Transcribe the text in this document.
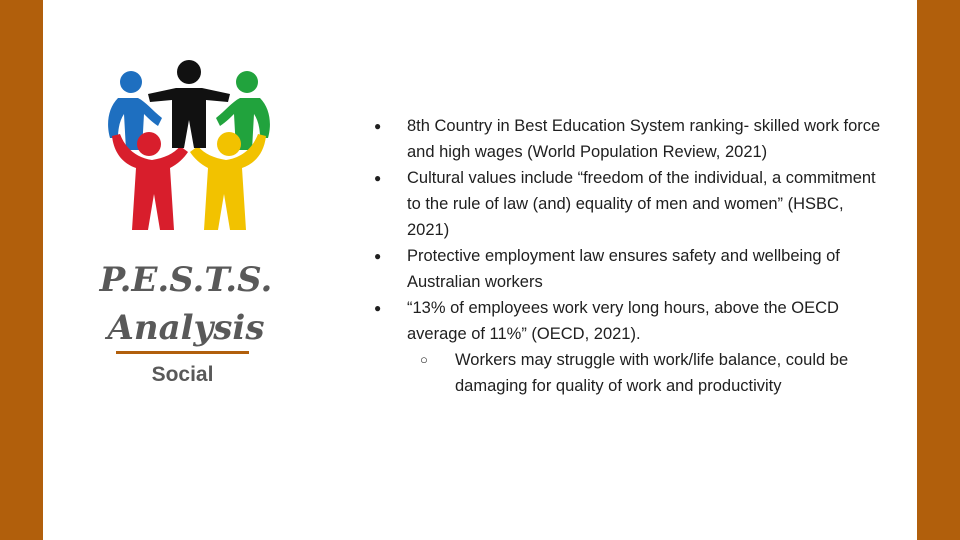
P.E.S.T.S.
Analysis
Social
● 8th Country in Best Education System ranking- skilled work force and high wages (World Population Review, 2021)
● Cultural values include “freedom of the individual, a commitment to the rule of law (and) equality of men and women” (HSBC, 2021)
● Protective employment law ensures safety and wellbeing of Australian workers
● “13% of employees work very long hours, above the OECD average of 11%” (OECD, 2021).
○ Workers may struggle with work/life balance, could be damaging for quality of work and productivity
